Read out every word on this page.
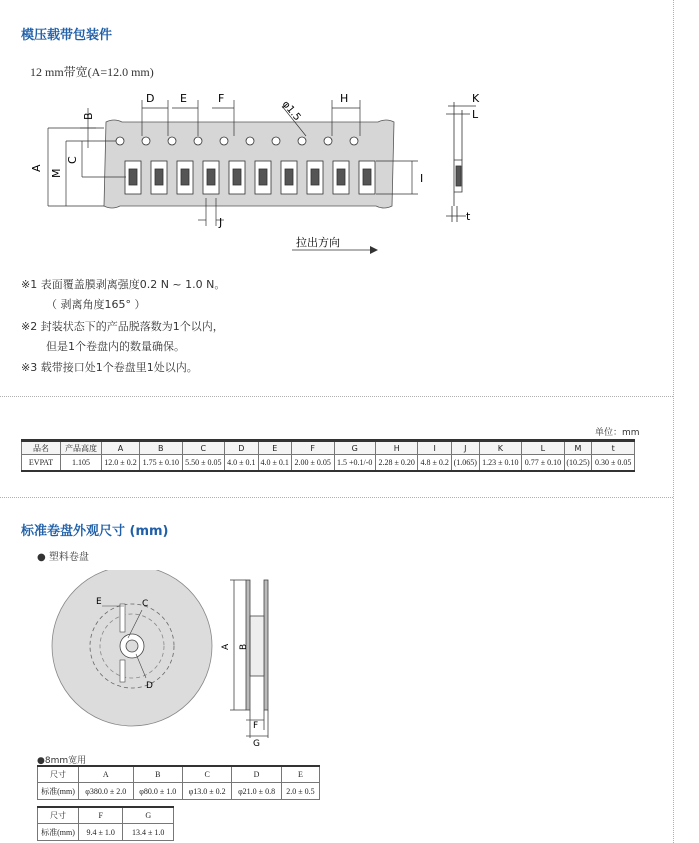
模压载带包装件
12 mm带宽(A=12.0 mm)
D E	F
φ1.5
H	K
L
B
A
M
C
I
J	t
拉出方向
※1 表面覆盖膜剥离强度0.2 N ~ 1.0 N。
（ 剥离角度165° ）
※2 封装状态下的产品脱落数为1个以内，
但是1个卷盘内的数量确保。
※3 载带接口处1个卷盘里1处以内。
单位：mm
品名	产品高度	A	B	C	D	E	F	G	H	I	J	K	L	M	t
EVPAT	1.105	12.0 ± 0.2	1.75 ± 0.10	5.50 ± 0.05	4.0 ± 0.1	4.0 ± 0.1	2.00 ± 0.05	1.5 +0.1/-0	2.28 ± 0.20	4.8 ± 0.2	(1.065)	1.23 ± 0.10	0.77 ± 0.10	(10.25)	0.30 ± 0.05
标准卷盘外观尺寸 (mm)
● 塑料卷盘
E	C
D
A B
F
G
●8mm宽用
尺寸	A	B	C	D	E
标准(mm)	φ380.0 ± 2.0	φ80.0 ± 1.0	φ13.0 ± 0.2	φ21.0 ± 0.8	2.0 ± 0.5
尺寸	F	G
标准(mm)	9.4 ± 1.0	13.4 ± 1.0
